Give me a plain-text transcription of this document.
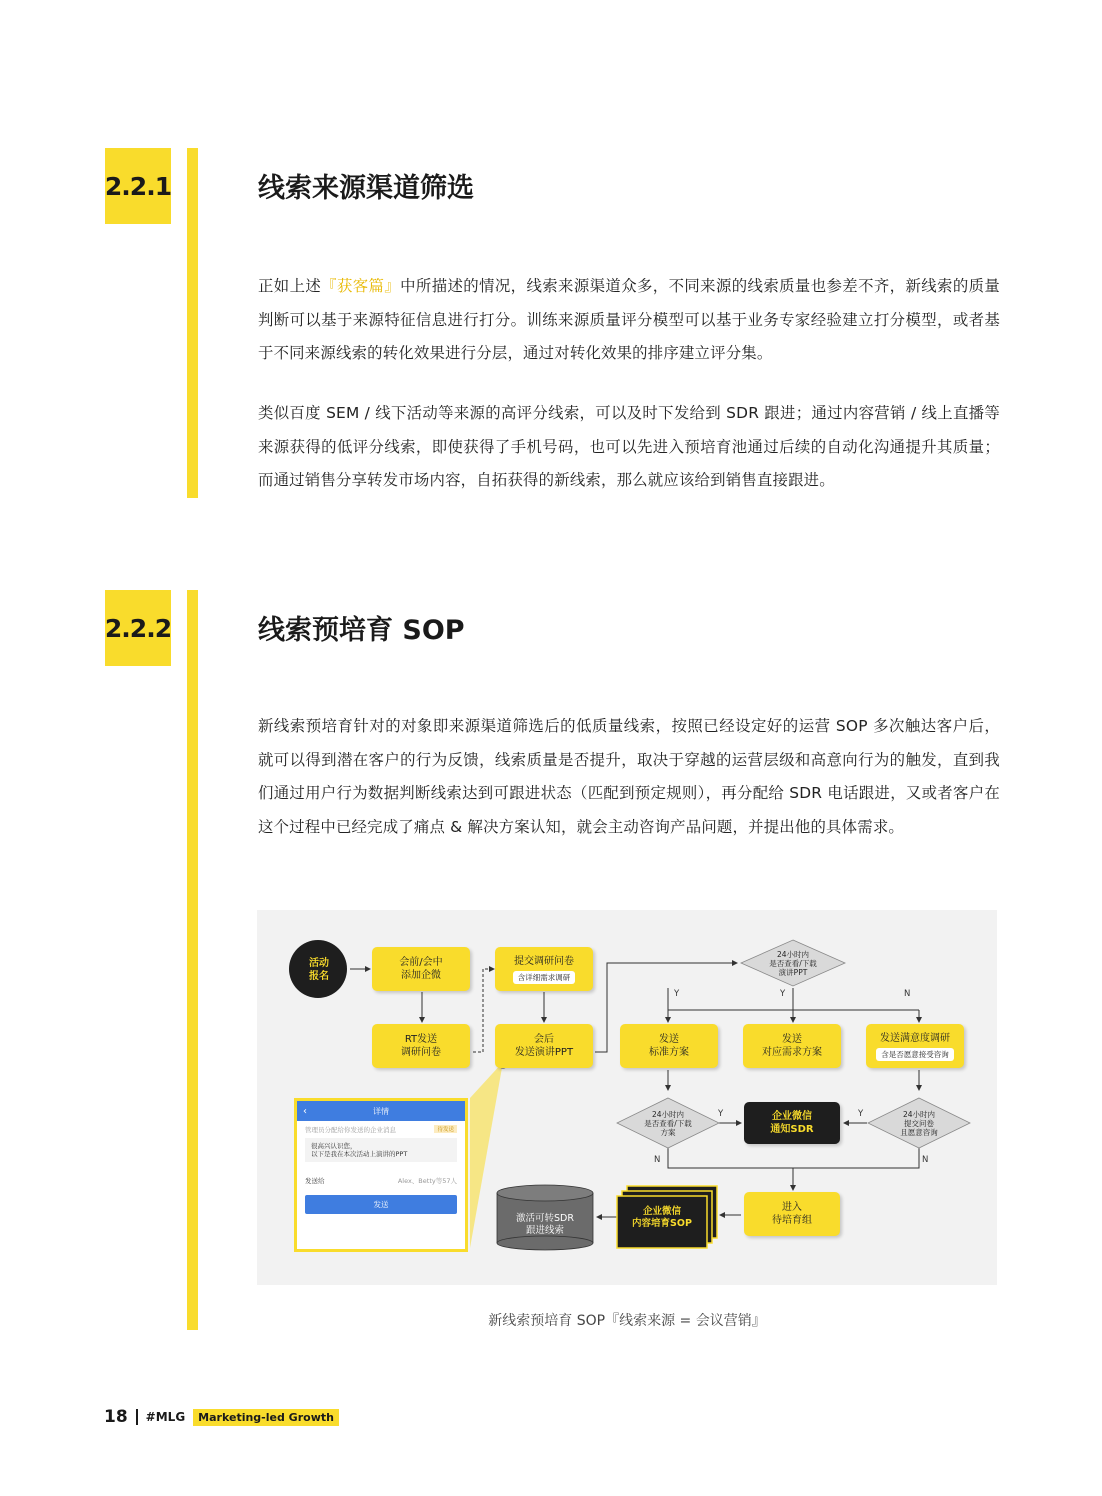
2.2.1	线索来源渠道筛选

正如上述『获客篇』中所描述的情况，线索来源渠道众多，不同来源的线索质量也参差不齐，新线索的质量判断可以基于来源特征信息进行打分。训练来源质量评分模型可以基于业务专家经验建立打分模型，或者基于不同来源线索的转化效果进行分层，通过对转化效果的排序建立评分集。

类似百度 SEM / 线下活动等来源的高评分线索，可以及时下发给到 SDR 跟进；通过内容营销 / 线上直播等来源获得的低评分线索，即使获得了手机号码，也可以先进入预培育池通过后续的自动化沟通提升其质量；而通过销售分享转发市场内容，自拓获得的新线索，那么就应该给到销售直接跟进。

2.2.2	线索预培育 SOP

新线索预培育针对的对象即来源渠道筛选后的低质量线索，按照已经设定好的运营 SOP 多次触达客户后，就可以得到潜在客户的行为反馈，线索质量是否提升，取决于穿越的运营层级和高意向行为的触发，直到我们通过用户行为数据判断线索达到可跟进状态（匹配到预定规则），再分配给 SDR 电话跟进，又或者客户在这个过程中已经完成了痛点 & 解决方案认知，就会主动咨询产品问题，并提出他的具体需求。

活动
报名
会前/会中
添加企微
提交调研问卷
含详细需求调研
RT发送
调研问卷
会后
发送演讲PPT
发送
标准方案
发送
对应需求方案
发送满意度调研
含是否愿意接受咨询
24小时内
是否查看/下载
演讲PPT
24小时内
是否查看/下载
方案
24小时内
提交问卷
且愿意咨询
企业微信
通知SDR
进入
待培育组
企业微信
内容培育SOP
激活可转SDR
跟进线索
Y	Y	N
Y	Y
N	N
‹	详情
管理员分配给你发送的企业消息	待发送
很高兴认识您，
以下是我在本次活动上演讲的PPT
发送给	Alex、Betty等57人
发送
新线索预培育 SOP『线索来源 = 会议营销』
18 #MLG	Marketing-led Growth
